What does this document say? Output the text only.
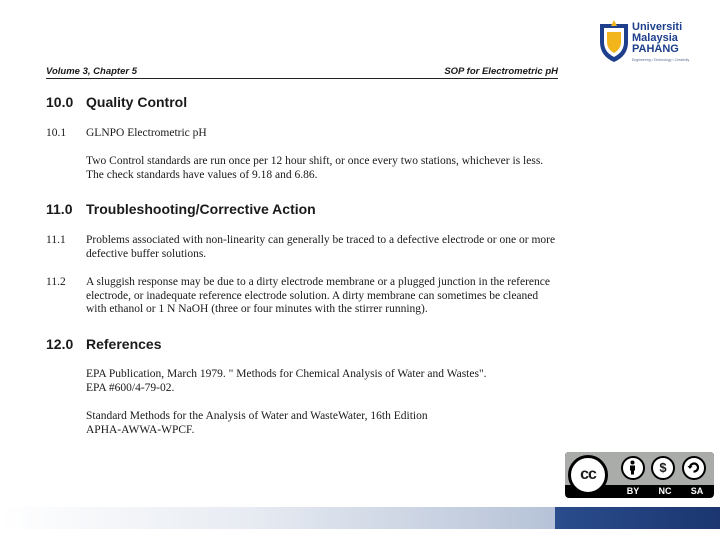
Universiti
Malaysia
PAHANG
Engineering • Technology • Creativity
Volume 3, Chapter 5	SOP for Electrometric pH
10.0 Quality Control
10.1 GLNPO Electrometric pH
Two Control standards are run once per 12 hour shift, or once every two stations, whichever is less. The check standards have values of 9.18 and 6.86.
11.0 Troubleshooting/Corrective Action
11.1 Problems associated with non-linearity can generally be traced to a defective electrode or one or more defective buffer solutions.
11.2 A sluggish response may be due to a dirty electrode membrane or a plugged junction in the reference electrode, or inadequate reference electrode solution. A dirty membrane can sometimes be cleaned with ethanol or 1 N NaOH (three or four minutes with the stirrer running).
12.0 References
EPA Publication, March 1979. " Methods for Chemical Analysis of Water and Wastes".
EPA #600/4-79-02.
Standard Methods for the Analysis of Water and WasteWater, 16th Edition
APHA-AWWA-WPCF.
cc	$
BY	NC	SA
Communitising Technology
